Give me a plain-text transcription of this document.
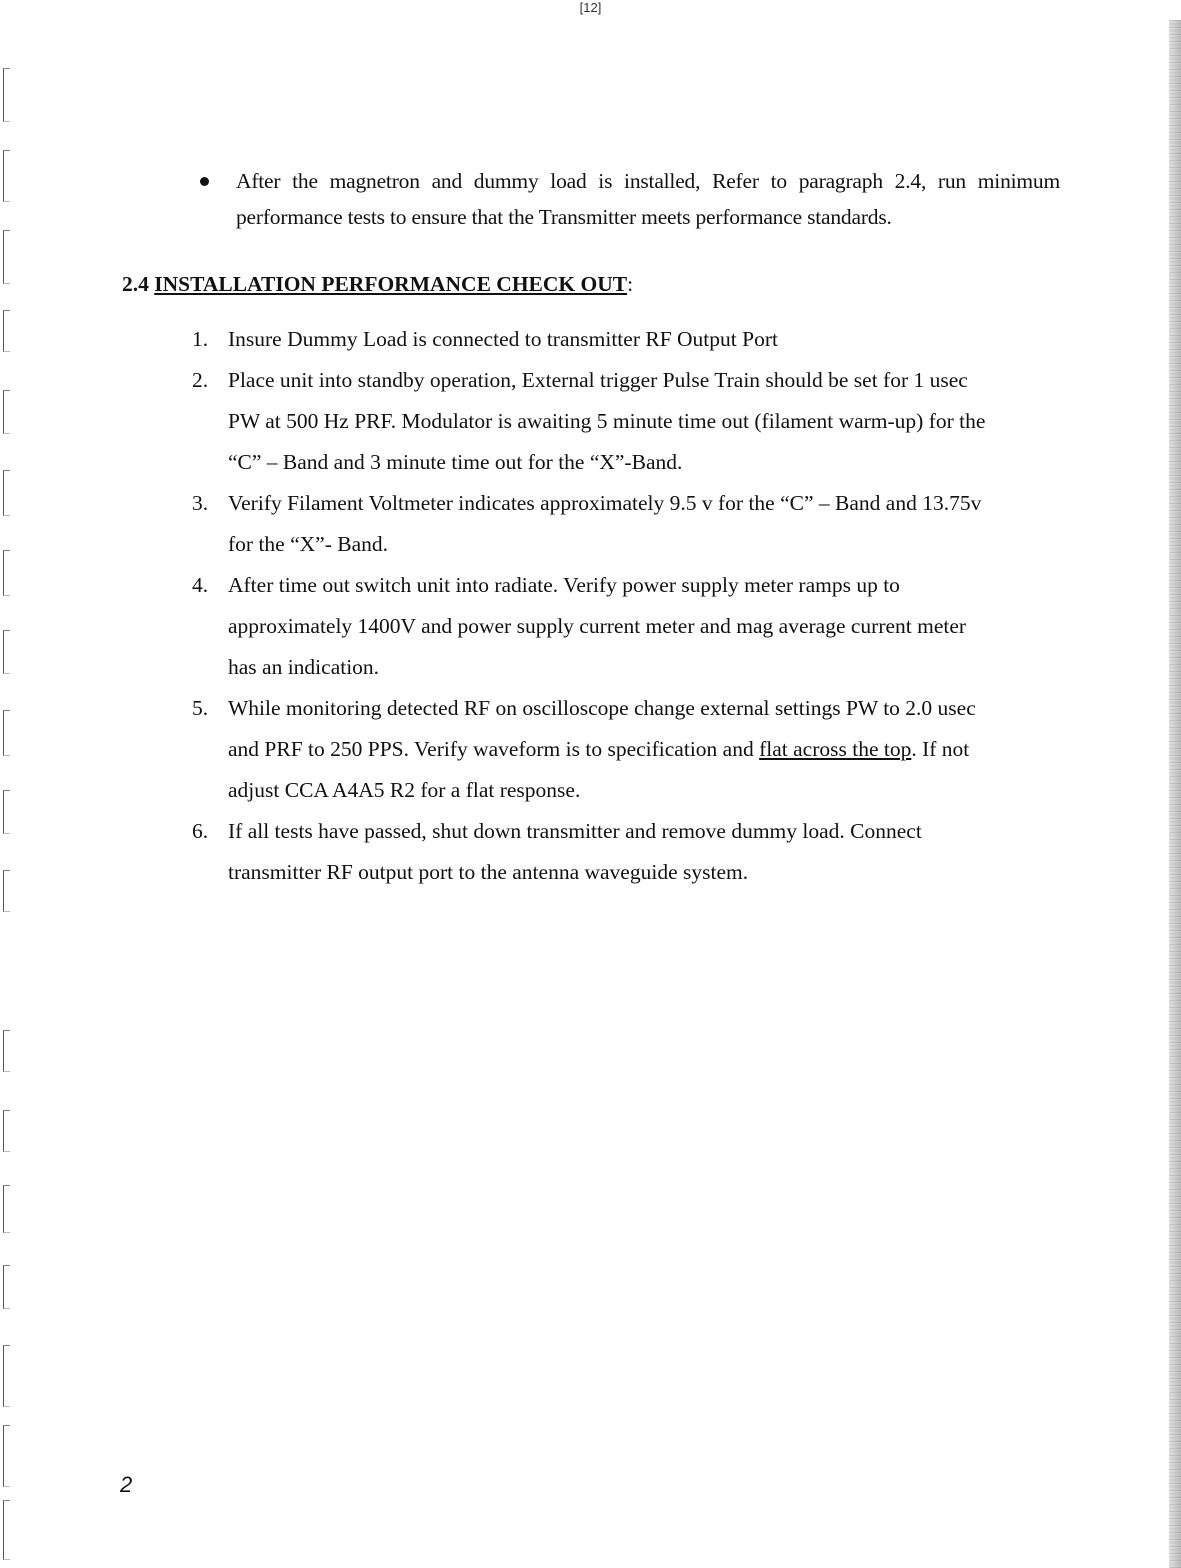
[12]
After the magnetron and dummy load is installed, Refer to paragraph 2.4, run minimum performance tests to ensure that the Transmitter meets performance standards.
2.4 INSTALLATION PERFORMANCE CHECK OUT:
1. Insure Dummy Load is connected to transmitter RF Output Port
2. Place unit into standby operation, External trigger Pulse Train should be set for 1 usec
PW at 500 Hz PRF. Modulator is awaiting 5 minute time out (filament warm-up) for the
“C” – Band and 3 minute time out for the “X”-Band.
3. Verify Filament Voltmeter indicates approximately 9.5 v for the “C” – Band and 13.75v
for the “X”- Band.
4. After time out switch unit into radiate. Verify power supply meter ramps up to
approximately 1400V and power supply current meter and mag average current meter
has an indication.
5. While monitoring detected RF on oscilloscope change external settings PW to 2.0 usec
and PRF to 250 PPS. Verify waveform is to specification and flat across the top. If not
adjust CCA A4A5 R2 for a flat response.
6. If all tests have passed, shut down transmitter and remove dummy load. Connect
transmitter RF output port to the antenna waveguide system.
2
